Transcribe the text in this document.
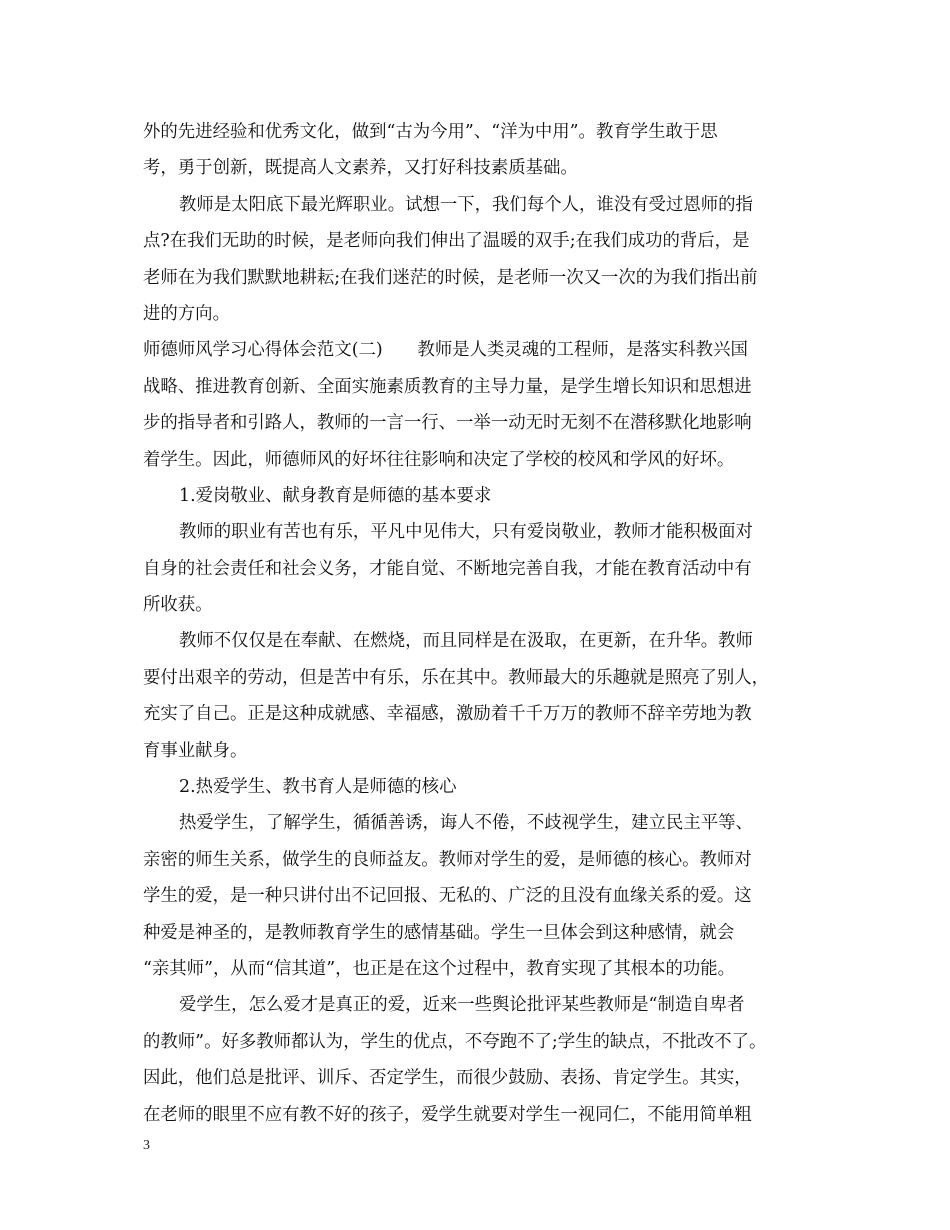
外的先进经验和优秀文化，做到“古为今用”、“洋为中用”。教育学生敢于思
考，勇于创新，既提高人文素养，又打好科技素质基础。
教师是太阳底下最光辉职业。试想一下，我们每个人，谁没有受过恩师的指
点?在我们无助的时候，是老师向我们伸出了温暖的双手;在我们成功的背后，是
老师在为我们默默地耕耘;在我们迷茫的时候，是老师一次又一次的为我们指出前
进的方向。
师德师风学习心得体会范文(二)　　教师是人类灵魂的工程师，是落实科教兴国
战略、推进教育创新、全面实施素质教育的主导力量，是学生增长知识和思想进
步的指导者和引路人，教师的一言一行、一举一动无时无刻不在潜移默化地影响
着学生。因此，师德师风的好坏往往影响和决定了学校的校风和学风的好坏。
1.爱岗敬业、献身教育是师德的基本要求
教师的职业有苦也有乐，平凡中见伟大，只有爱岗敬业，教师才能积极面对
自身的社会责任和社会义务，才能自觉、不断地完善自我，才能在教育活动中有
所收获。
教师不仅仅是在奉献、在燃烧，而且同样是在汲取，在更新，在升华。教师
要付出艰辛的劳动，但是苦中有乐，乐在其中。教师最大的乐趣就是照亮了别人，
充实了自己。正是这种成就感、幸福感，激励着千千万万的教师不辞辛劳地为教
育事业献身。
2.热爱学生、教书育人是师德的核心
热爱学生，了解学生，循循善诱，诲人不倦，不歧视学生，建立民主平等、
亲密的师生关系，做学生的良师益友。教师对学生的爱，是师德的核心。教师对
学生的爱，是一种只讲付出不记回报、无私的、广泛的且没有血缘关系的爱。这
种爱是神圣的，是教师教育学生的感情基础。学生一旦体会到这种感情，就会
“亲其师”，从而“信其道”，也正是在这个过程中，教育实现了其根本的功能。
爱学生，怎么爱才是真正的爱，近来一些舆论批评某些教师是“制造自卑者
的教师”。好多教师都认为，学生的优点，不夸跑不了;学生的缺点，不批改不了。
因此，他们总是批评、训斥、否定学生，而很少鼓励、表扬、肯定学生。其实，
在老师的眼里不应有教不好的孩子，爱学生就要对学生一视同仁，不能用简单粗
3
